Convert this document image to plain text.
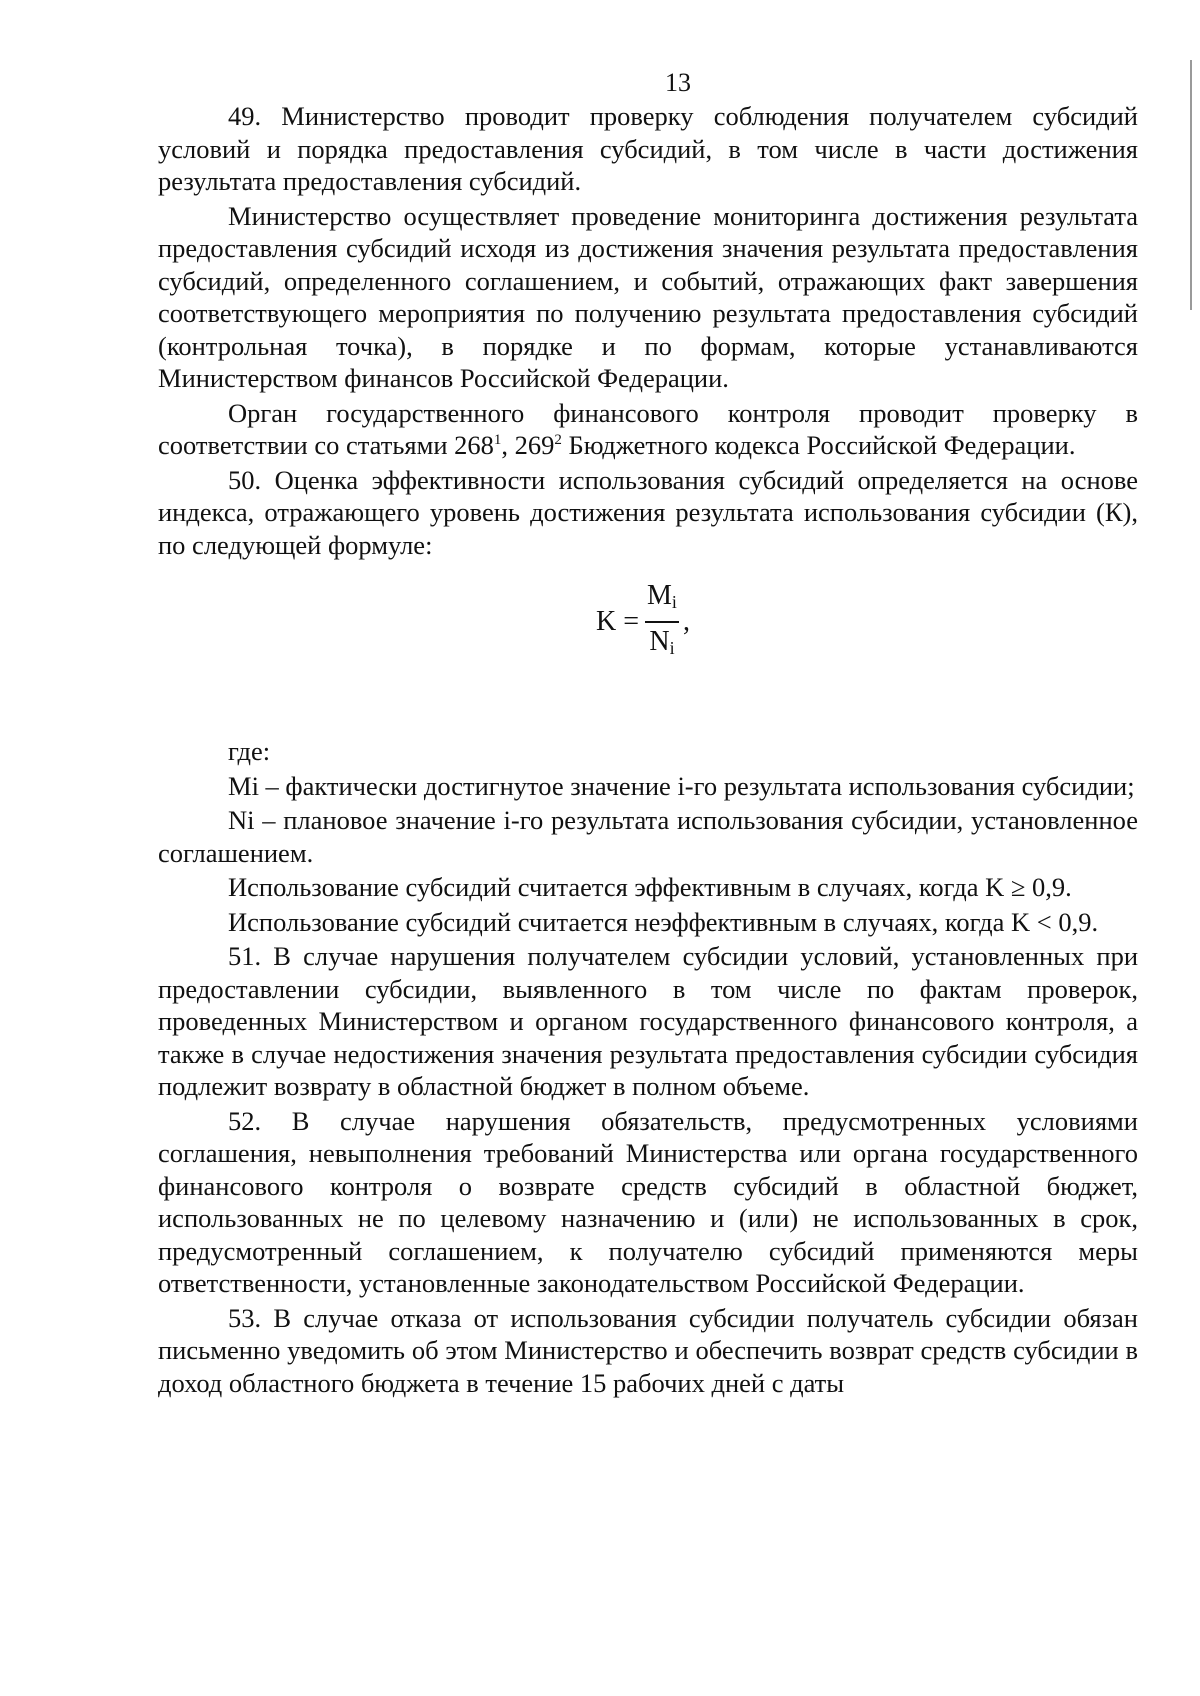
13

49. Министерство проводит проверку соблюдения получателем субсидий условий и порядка предоставления субсидий, в том числе в части достижения результата предоставления субсидий.

Министерство осуществляет проведение мониторинга достижения результата предоставления субсидий исходя из достижения значения результата предоставления субсидий, определенного соглашением, и событий, отражающих факт завершения соответствующего мероприятия по получению результата предоставления субсидий (контрольная точка), в порядке и по формам, которые устанавливаются Министерством финансов Российской Федерации.

Орган государственного финансового контроля проводит проверку в соответствии со статьями $268^1$, $269^2$ Бюджетного кодекса Российской Федерации.

50. Оценка эффективности использования субсидий определяется на основе индекса, отражающего уровень достижения результата использования субсидии (К), по следующей формуле:

$K = \frac{M_i}{N_i}$ ,

где:

Mi – фактически достигнутое значение i-го результата использования субсидии;

Ni – плановое значение i-го результата использования субсидии, установленное соглашением.

Использование субсидий считается эффективным в случаях, когда K ≥ 0,9.

Использование субсидий считается неэффективным в случаях, когда K < 0,9.

51. В случае нарушения получателем субсидии условий, установленных при предоставлении субсидии, выявленного в том числе по фактам проверок, проведенных Министерством и органом государственного финансового контроля, а также в случае недостижения значения результата предоставления субсидии субсидия подлежит возврату в областной бюджет в полном объеме.

52. В случае нарушения обязательств, предусмотренных условиями соглашения, невыполнения требований Министерства или органа государственного финансового контроля о возврате средств субсидий в областной бюджет, использованных не по целевому назначению и (или) не использованных в срок, предусмотренный соглашением, к получателю субсидий применяются меры ответственности, установленные законодательством Российской Федерации.

53. В случае отказа от использования субсидии получатель субсидии обязан письменно уведомить об этом Министерство и обеспечить возврат средств субсидии в доход областного бюджета в течение 15 рабочих дней с даты
